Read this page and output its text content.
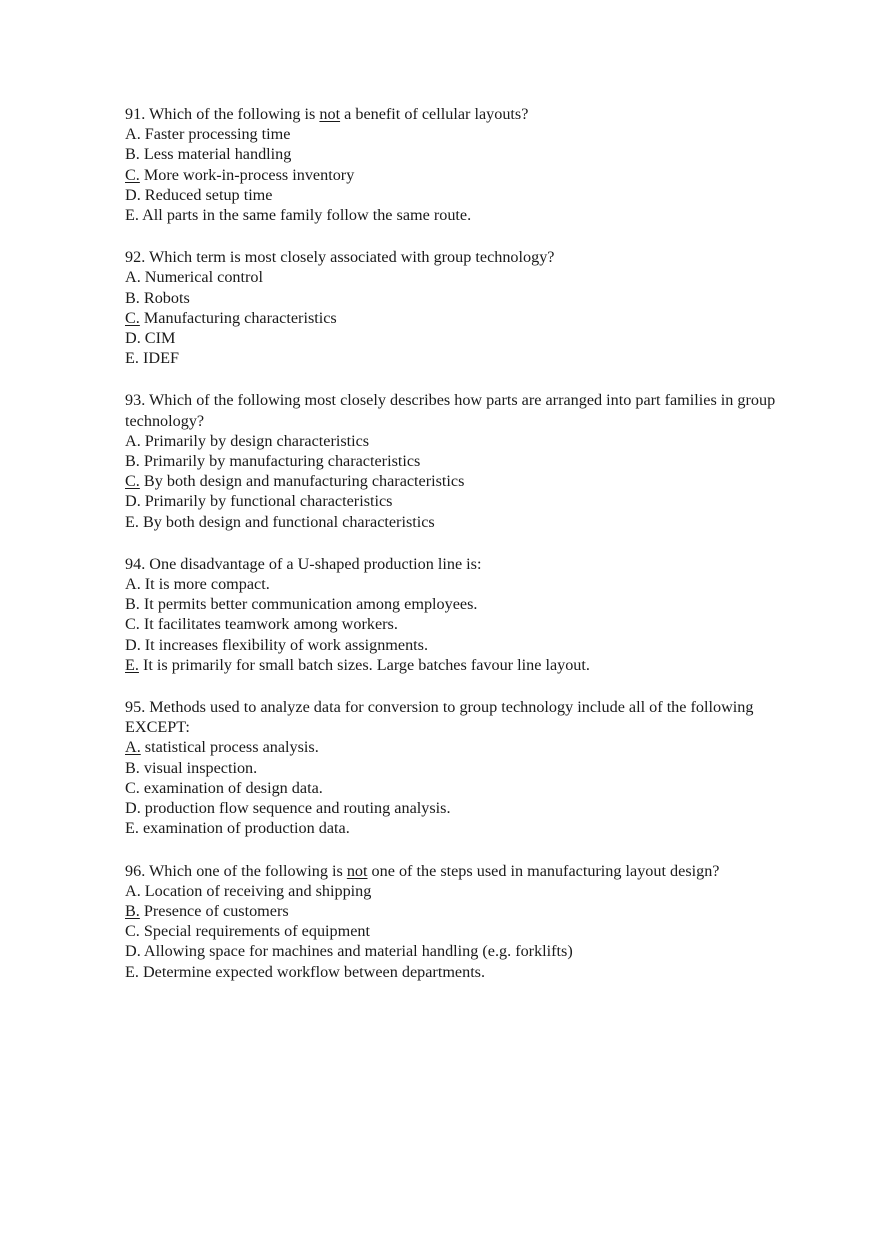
91. Which of the following is not a benefit of cellular layouts?

A. Faster processing time

B. Less material handling

C. More work-in-process inventory

D. Reduced setup time

E. All parts in the same family follow the same route.

92. Which term is most closely associated with group technology?

A. Numerical control

B. Robots

C. Manufacturing characteristics

D. CIM

E. IDEF

93. Which of the following most closely describes how parts are arranged into part families in group technology?

A. Primarily by design characteristics

B. Primarily by manufacturing characteristics

C. By both design and manufacturing characteristics

D. Primarily by functional characteristics

E. By both design and functional characteristics

94. One disadvantage of a U-shaped production line is:

A. It is more compact.

B. It permits better communication among employees.

C. It facilitates teamwork among workers.

D. It increases flexibility of work assignments.

E. It is primarily for small batch sizes. Large batches favour line layout.

95. Methods used to analyze data for conversion to group technology include all of the following EXCEPT:

A. statistical process analysis.

B. visual inspection.

C. examination of design data.

D. production flow sequence and routing analysis.

E. examination of production data.

96. Which one of the following is not one of the steps used in manufacturing layout design?

A. Location of receiving and shipping

B. Presence of customers

C. Special requirements of equipment

D. Allowing space for machines and material handling (e.g. forklifts)

E. Determine expected workflow between departments.
